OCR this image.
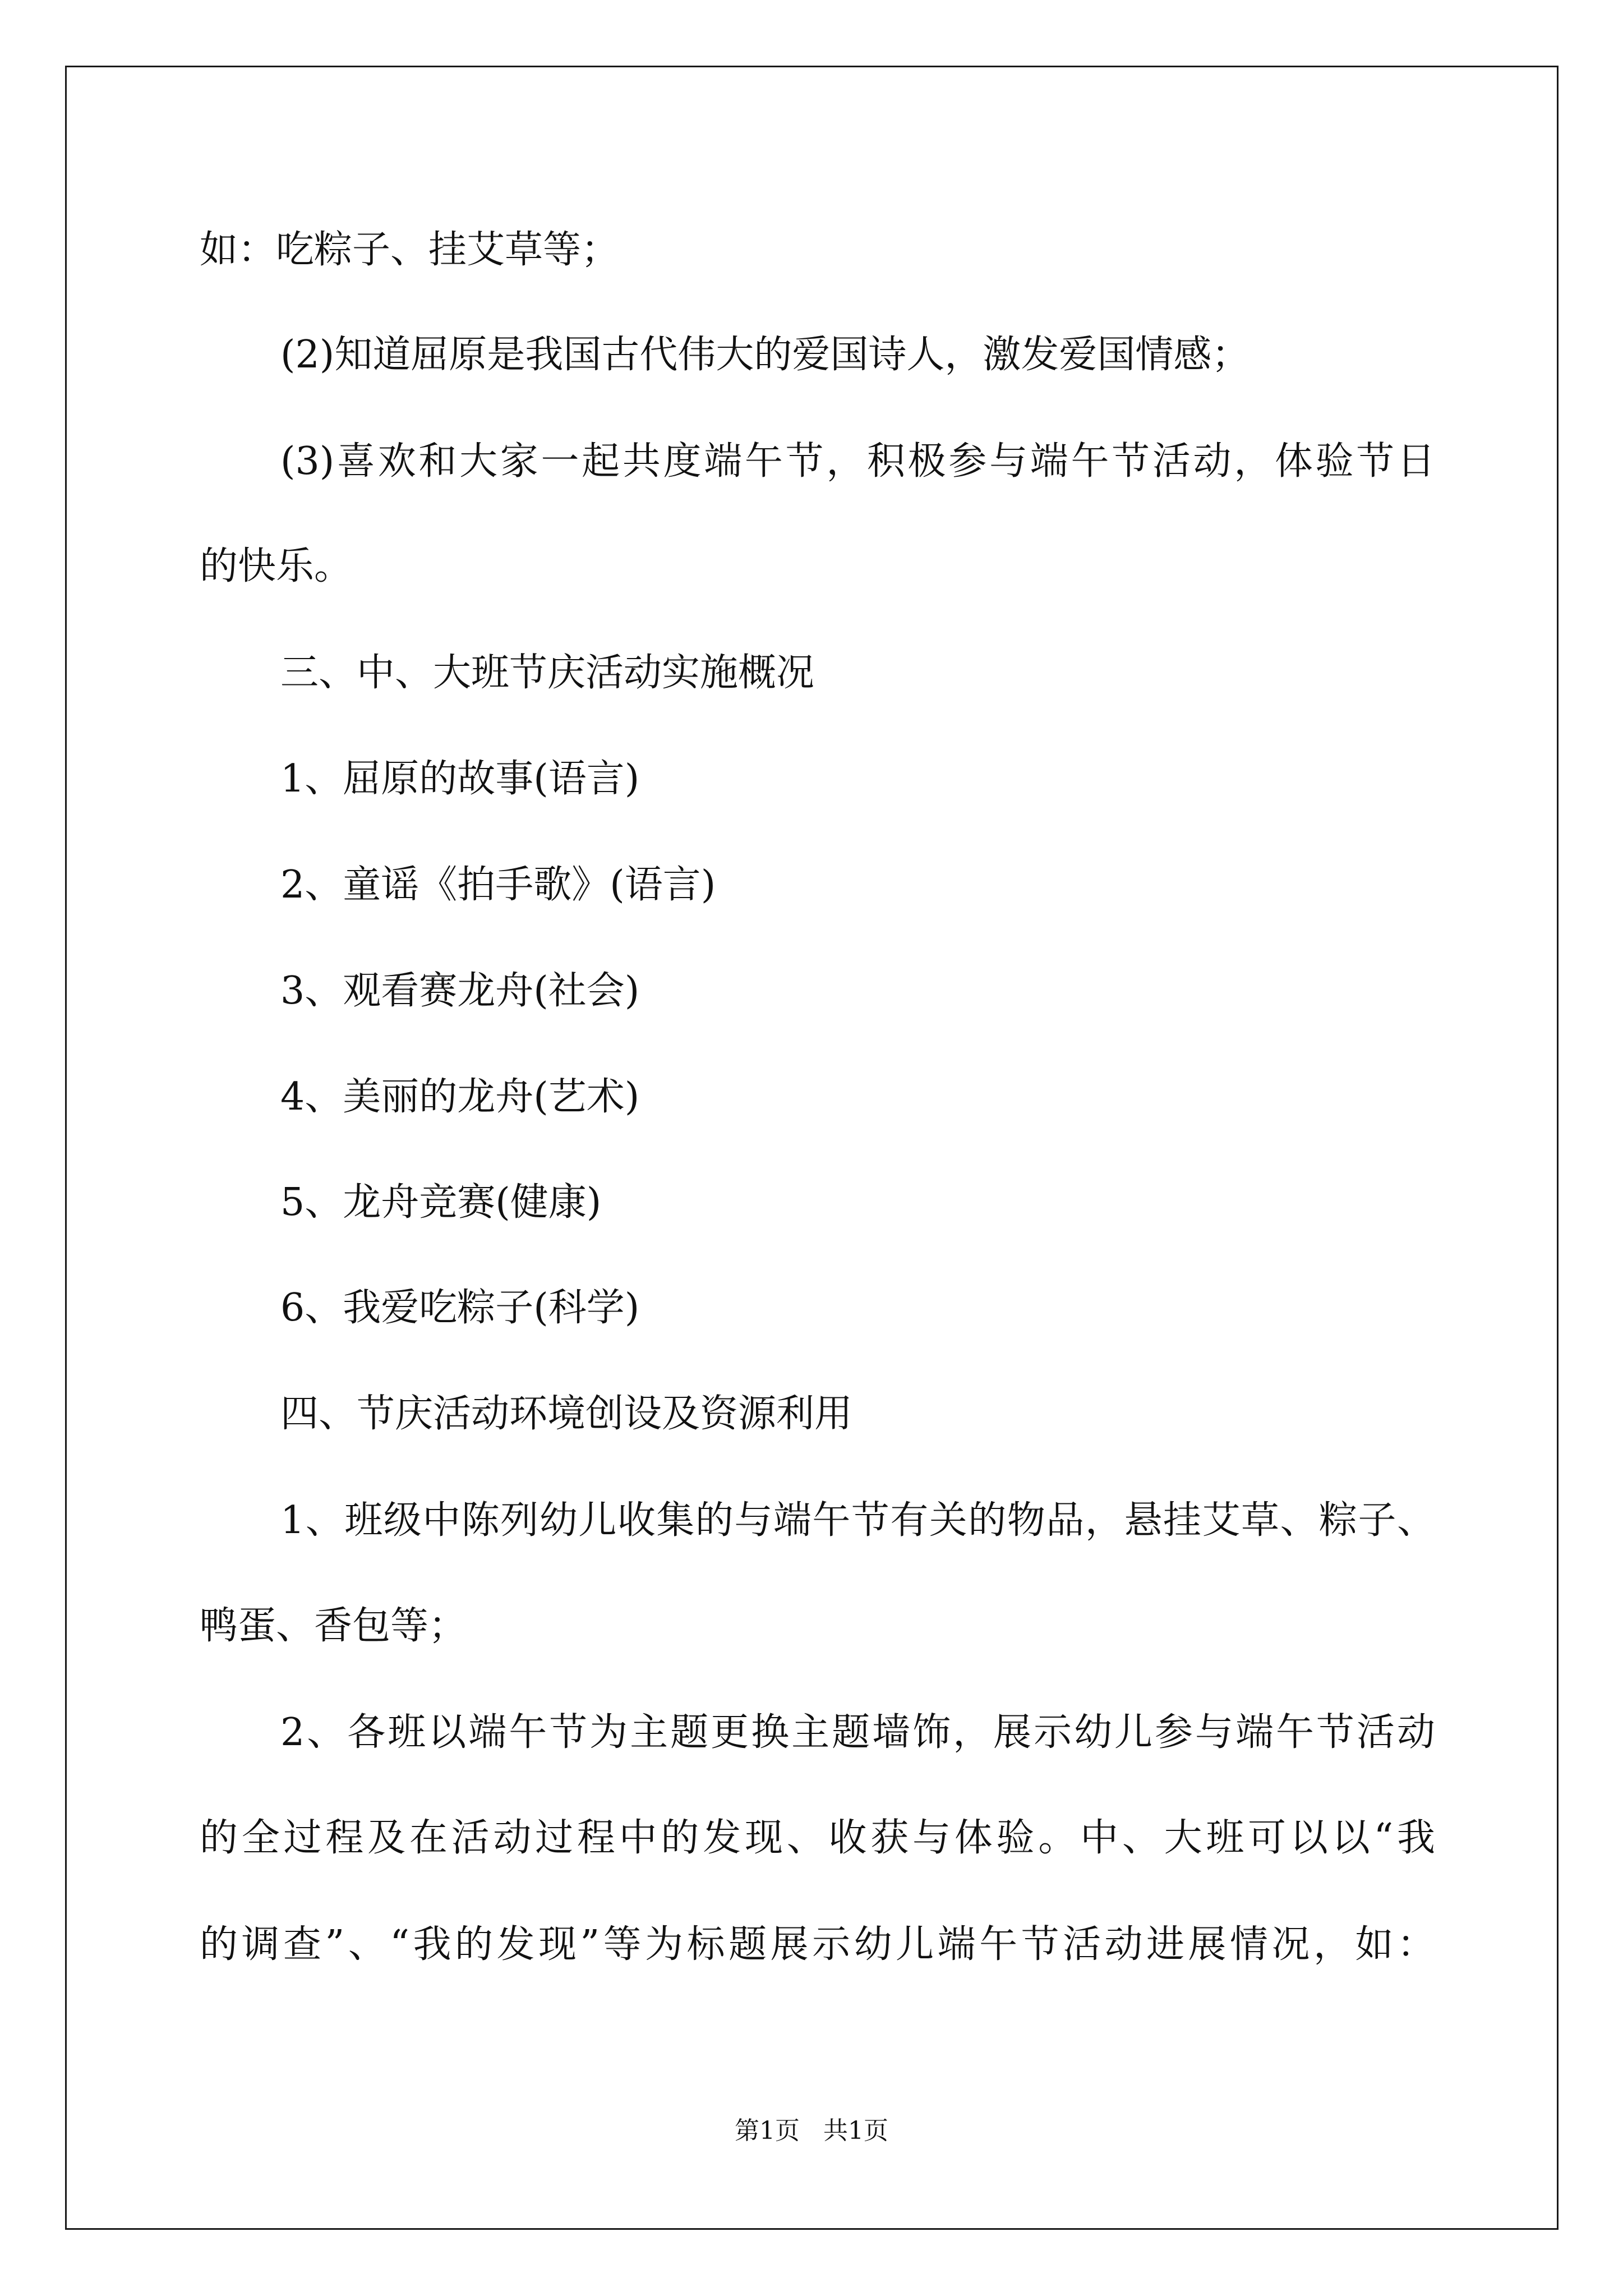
如：吃粽子、挂艾草等；
(2)知道屈原是我国古代伟大的爱国诗人，激发爱国情感；
(3)喜欢和大家一起共度端午节，积极参与端午节活动，体验节日
的快乐。
三、中、大班节庆活动实施概况
1、屈原的故事(语言)
2、童谣《拍手歌》(语言)
3、观看赛龙舟(社会)
4、美丽的龙舟(艺术)
5、龙舟竞赛(健康)
6、我爱吃粽子(科学)
四、节庆活动环境创设及资源利用
1、班级中陈列幼儿收集的与端午节有关的物品，悬挂艾草、粽子、
鸭蛋、香包等；
2、各班以端午节为主题更换主题墙饰，展示幼儿参与端午节活动
的全过程及在活动过程中的发现、收获与体验。中、大班可以以“我
的调查”、“我的发现”等为标题展示幼儿端午节活动进展情况，如：
第1页   共1页
